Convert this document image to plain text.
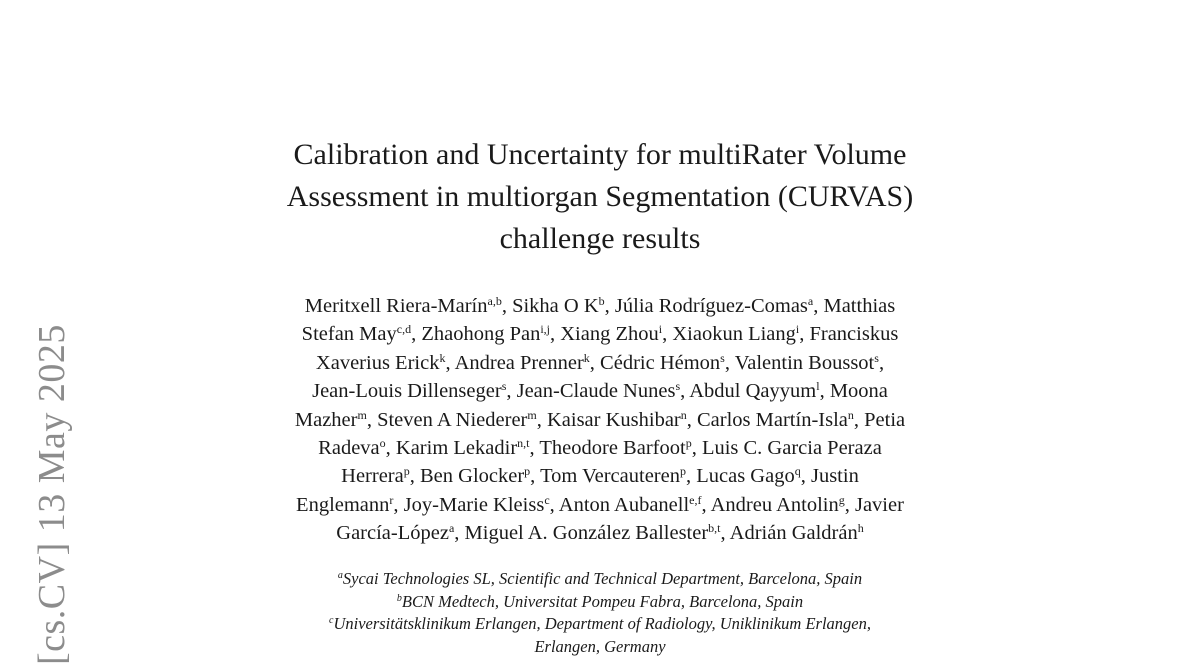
[cs.CV] 13 May 2025
Calibration and Uncertainty for multiRater Volume
Assessment in multiorgan Segmentation (CURVAS)
challenge results
Meritxell Riera-Marín$^{a,b}$, Sikha O $K^b$, Júlia Rodríguez-Comas$^a$, Matthias
Stefan May$^{c,d}$, Zhaohong Pan$^{i,j}$, Xiang Zhou$^i$, Xiaokun Liang$^i$, Franciskus
Xaverius Erick$^k$, Andrea Prenner$^k$, Cédric Hémon$^s$, Valentin Boussot$^s$,
Jean-Louis Dillenseger$^s$, Jean-Claude Nunes$^s$, Abdul Qayyum$^l$, Moona
Mazher$^m$, Steven A Niederer$^m$, Kaisar Kushibar$^n$, Carlos Martín-Isla$^n$, Petia
Radeva$^o$, Karim Lekadir$^{n,t}$, Theodore Barfoot$^p$, Luis C. Garcia Peraza
Herrera$^p$, Ben Glocker$^p$, Tom Vercauteren$^p$, Lucas Gago$^q$, Justin
Englemann$^r$, Joy-Marie Kleiss$^c$, Anton Aubanell$^{e,f}$, Andreu Antolin$^g$, Javier
García-López$^a$, Miguel A. González Ballester$^{b,t}$, Adrián Galdrán$^h$
$^a$Sycai Technologies SL, Scientific and Technical Department, Barcelona, Spain
$^b$BCN Medtech, Universitat Pompeu Fabra, Barcelona, Spain
$^c$Universitätsklinikum Erlangen, Department of Radiology, Uniklinikum Erlangen,
Erlangen, Germany
